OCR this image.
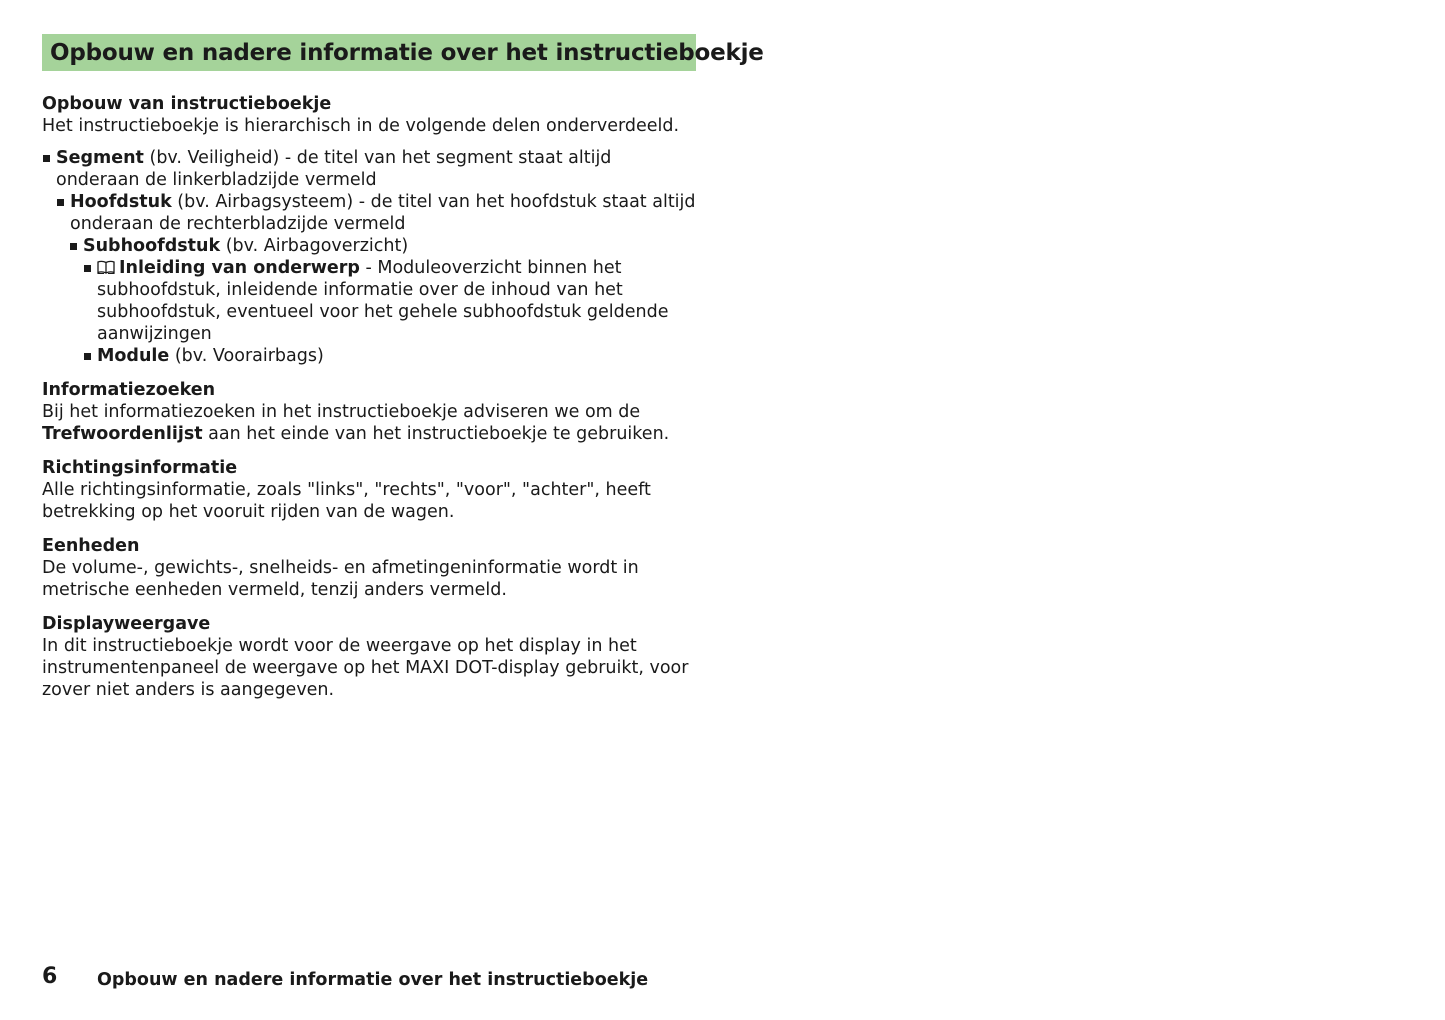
Opbouw en nadere informatie over het instructieboekje
Opbouw van instructieboekje

Het instructieboekje is hierarchisch in de volgende delen onderverdeeld.

Segment (bv. Veiligheid) - de titel van het segment staat altijd onderaan de linkerbladzijde vermeld
Hoofdstuk (bv. Airbagsysteem) - de titel van het hoofdstuk staat altijd onderaan de rechterbladzijde vermeld
Subhoofdstuk (bv. Airbagoverzicht)
Inleiding van onderwerp - Moduleoverzicht binnen het subhoofdstuk, inleidende informatie over de inhoud van het subhoofdstuk, eventueel voor het gehele subhoofdstuk geldende aanwijzingen
Module (bv. Voorairbags)
Informatiezoeken

Bij het informatiezoeken in het instructieboekje adviseren we om de Trefwoordenlijst aan het einde van het instructieboekje te gebruiken.

Richtingsinformatie

Alle richtingsinformatie, zoals "links", "rechts", "voor", "achter", heeft betrekking op het vooruit rijden van de wagen.

Eenheden

De volume-, gewichts-, snelheids- en afmetingeninformatie wordt in metrische eenheden vermeld, tenzij anders vermeld.

Displayweergave

In dit instructieboekje wordt voor de weergave op het display in het instrumentenpaneel de weergave op het MAXI DOT-display gebruikt, voor zover niet anders is aangegeven.

6 Opbouw en nadere informatie over het instructieboekje
